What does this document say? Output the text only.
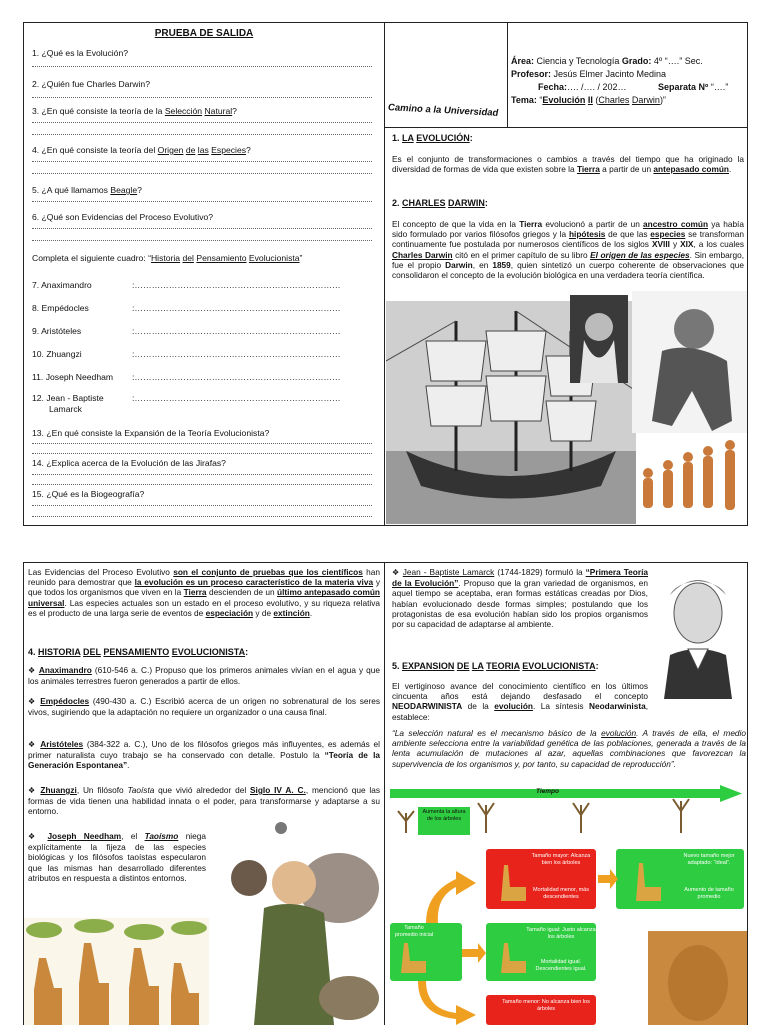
PRUEBA DE SALIDA
1. ¿Qué es la Evolución?
2. ¿Quién fue Charles Darwin?
3. ¿En qué consiste la teoría de la Selección Natural?
4. ¿En qué consiste la teoría del Origen de las Especies?
5. ¿A qué llamamos Beagle?
6. ¿Qué son Evidencias del Proceso Evolutivo?
Completa el siguiente cuadro: “Historia del Pensamiento Evolucionista”
7. Anaximandro	:………………………………………………………………
8. Empédocles	:………………………………………………………………
9. Aristóteles	:………………………………………………………………
10. Zhuangzi	:………………………………………………………………
11. Joseph Needham :………………………………………………………………
12. Jean - Baptiste
Lamarck
:………………………………………………………………
13. ¿En qué consiste la Expansión de la Teoría Evolucionista?
14. ¿Explica acerca de la Evolución de las Jirafas?
15. ¿Qué es la Biogeografía?
Camino a la Universidad
Área: Ciencia y Tecnología Grado: 4º “….” Sec.
Profesor: Jesús Elmer Jacinto Medina
Fecha:…. /…. / 202…	Separata Nº “….”
Tema: “Evolución II (Charles Darwin)”
1. LA EVOLUCIÓN:
Es el conjunto de transformaciones o cambios a través del tiempo que ha originado la diversidad de formas de vida que existen sobre la Tierra a partir de un antepasado común.
2. CHARLES DARWIN:
El concepto de que la vida en la Tierra evolucionó a partir de un ancestro común ya había sido formulado por varios filósofos griegos y la hipótesis de que las especies se transforman continuamente fue postulada por numerosos científicos de los siglos XVIII y XIX, a los cuales Charles Darwin citó en el primer capítulo de su libro El origen de las especies. Sin embargo, fue el propio Darwin, en 1859, quien sintetizó un cuerpo coherente de observaciones que consolidaron el concepto de la evolución biológica en una verdadera teoría científica.
Las Evidencias del Proceso Evolutivo son el conjunto de pruebas que los científicos han reunido para demostrar que la evolución es un proceso característico de la materia viva y que todos los organismos que viven en la Tierra descienden de un último antepasado común universal. Las especies actuales son un estado en el proceso evolutivo, y su riqueza relativa es el producto de una larga serie de eventos de especiación y de extinción.
4. HISTORIA DEL PENSAMIENTO EVOLUCIONISTA:
❖ Anaximandro (610-546 a. C.) Propuso que los primeros animales vivían en el agua y que los animales terrestres fueron generados a partir de ellos.
❖ Empédocles (490-430 a. C.) Escribió acerca de un origen no sobrenatural de los seres vivos, sugiriendo que la adaptación no requiere un organizador o una causa final.
❖ Aristóteles (384-322 a. C.), Uno de los filósofos griegos más influyentes, es además el primer naturalista cuyo trabajo se ha conservado con detalle. Postulo la “Teoría de la Generación Espontanea”.
❖ Zhuangzi, Un filósofo Taoísta que vivió alrededor del Siglo IV A. C., mencionó que las formas de vida tienen una habilidad innata o el poder, para transformarse y adaptarse a su entorno.
❖ Joseph Needham, el Taoísmo niega explícitamente la fijeza de las especies biológicas y los filósofos taoístas especularon que las mismas han desarrollado diferentes atributos en respuesta a distintos entornos.
❖ Jean - Baptiste Lamarck (1744-1829) formuló la “Primera Teoría de la Evolución”. Propuso que la gran variedad de organismos, en aquel tiempo se aceptaba, eran formas estáticas creadas por Dios, habían evolucionado desde formas simples; postulando que los protagonistas de esa evolución habían sido los propios organismos por su capacidad de adaptarse al ambiente.
5. EXPANSION DE LA TEORIA EVOLUCIONISTA:
El vertiginoso avance del conocimiento científico en los últimos cincuenta años está dejando desfasado el concepto NEODARWINISTA de la evolución. La síntesis Neodarwinista, establece:
“La selección natural es el mecanismo básico de la evolución. A través de ella, el medio ambiente selecciona entre la variabilidad genética de las poblaciones, generada a través de la lenta acumulación de mutaciones al azar, aquellas combinaciones que favorezcan la supervivencia de los organismos y, por tanto, su capacidad de reproducción”.
Tiempo
Aumenta la altura de los árboles
Tamaño mayor: Alcanza bien los árboles
Mortalidad menor, más descendientes
Nuevo tamaño mejor adaptado: “ideal”.
Aumento de tamaño promedio
Tamaño promedio inicial
Tamaño igual: Justo alcanza los árboles
Mortalidad igual. Descendientes igual.
Tamaño menor: No alcanza bien los árboles
